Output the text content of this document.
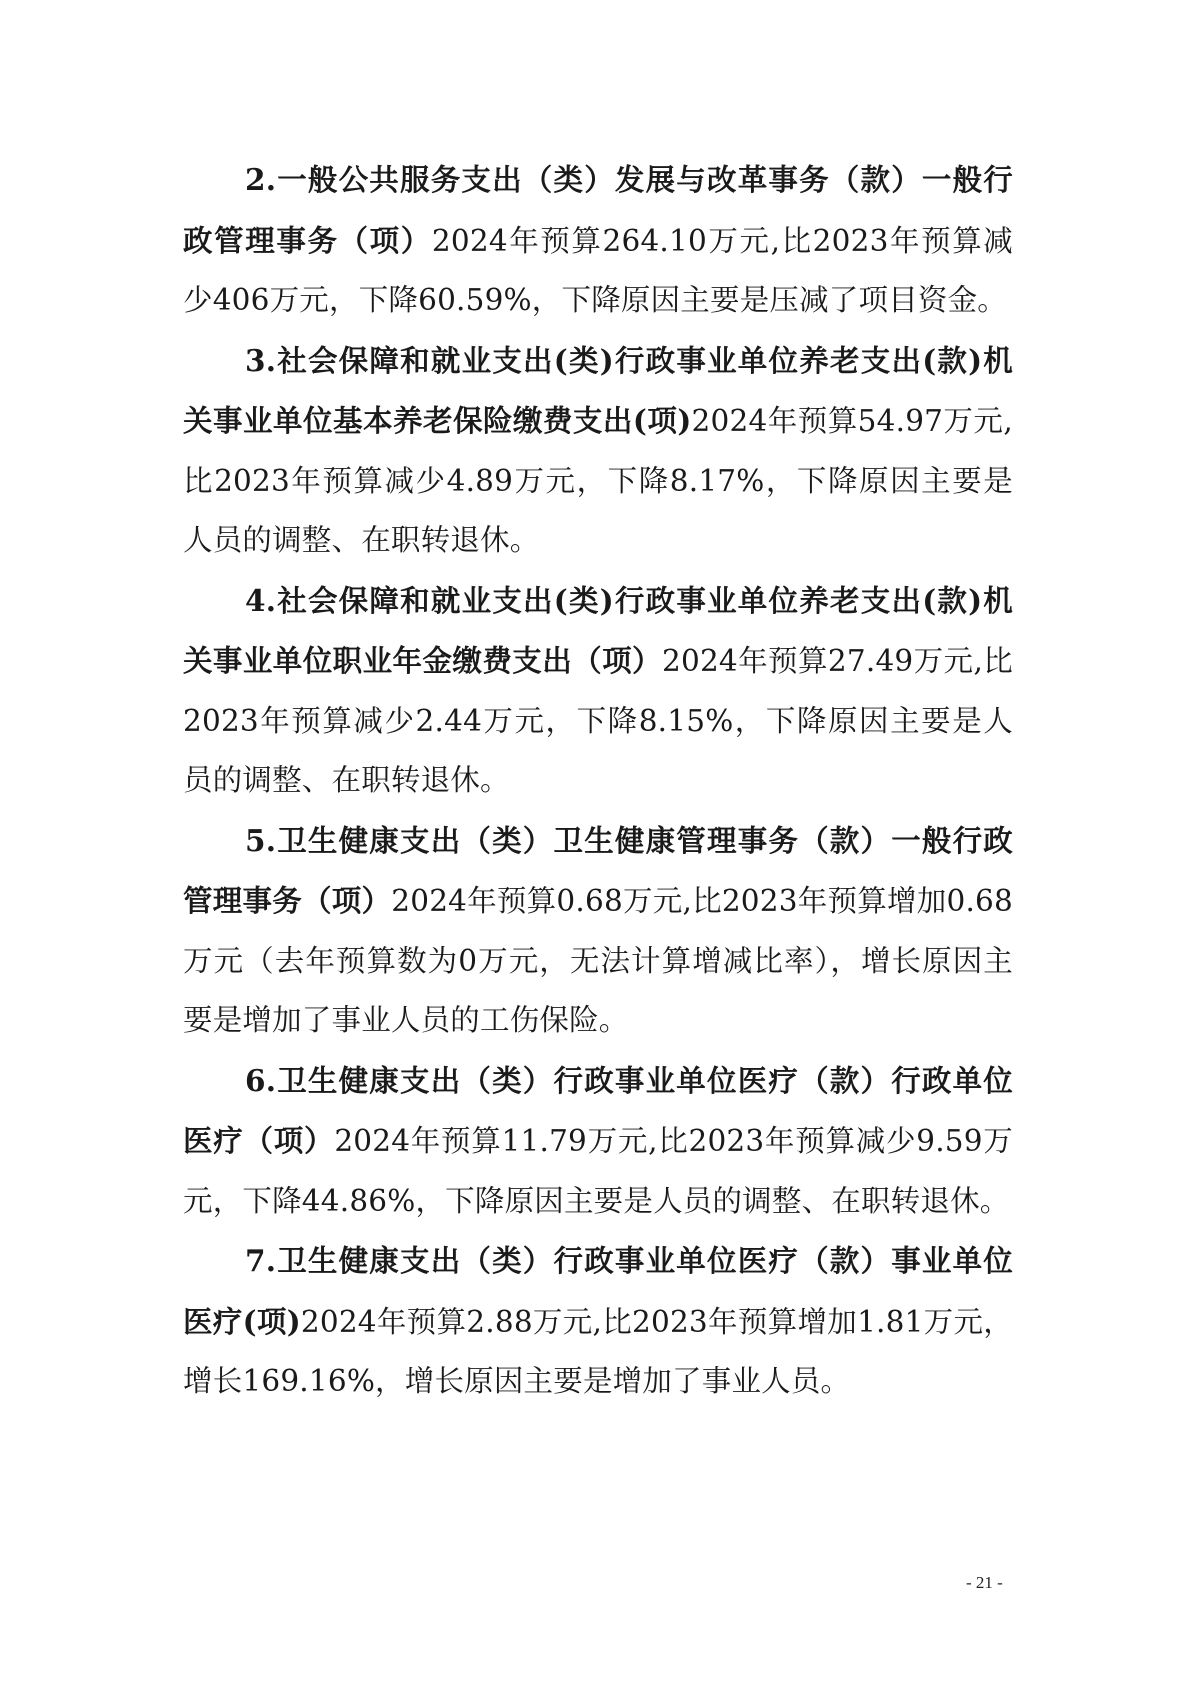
2.一般公共服务支出（类）发展与改革事务（款）一般行政管理事务（项）2024年预算264.10万元,比2023年预算减少406万元，下降60.59%，下降原因主要是压减了项目资金。

3.社会保障和就业支出(类)行政事业单位养老支出(款)机关事业单位基本养老保险缴费支出(项)2024年预算54.97万元,比2023年预算减少4.89万元，下降8.17%，下降原因主要是人员的调整、在职转退休。

4.社会保障和就业支出(类)行政事业单位养老支出(款)机关事业单位职业年金缴费支出（项）2024年预算27.49万元,比2023年预算减少2.44万元，下降8.15%，下降原因主要是人员的调整、在职转退休。

5.卫生健康支出（类）卫生健康管理事务（款）一般行政管理事务（项）2024年预算0.68万元,比2023年预算增加0.68万元（去年预算数为0万元，无法计算增减比率），增长原因主要是增加了事业人员的工伤保险。

6.卫生健康支出（类）行政事业单位医疗（款）行政单位医疗（项）2024年预算11.79万元,比2023年预算减少9.59万元，下降44.86%，下降原因主要是人员的调整、在职转退休。

7.卫生健康支出（类）行政事业单位医疗（款）事业单位医疗(项)2024年预算2.88万元,比2023年预算增加1.81万元，增长169.16%，增长原因主要是增加了事业人员。

- 21 -
